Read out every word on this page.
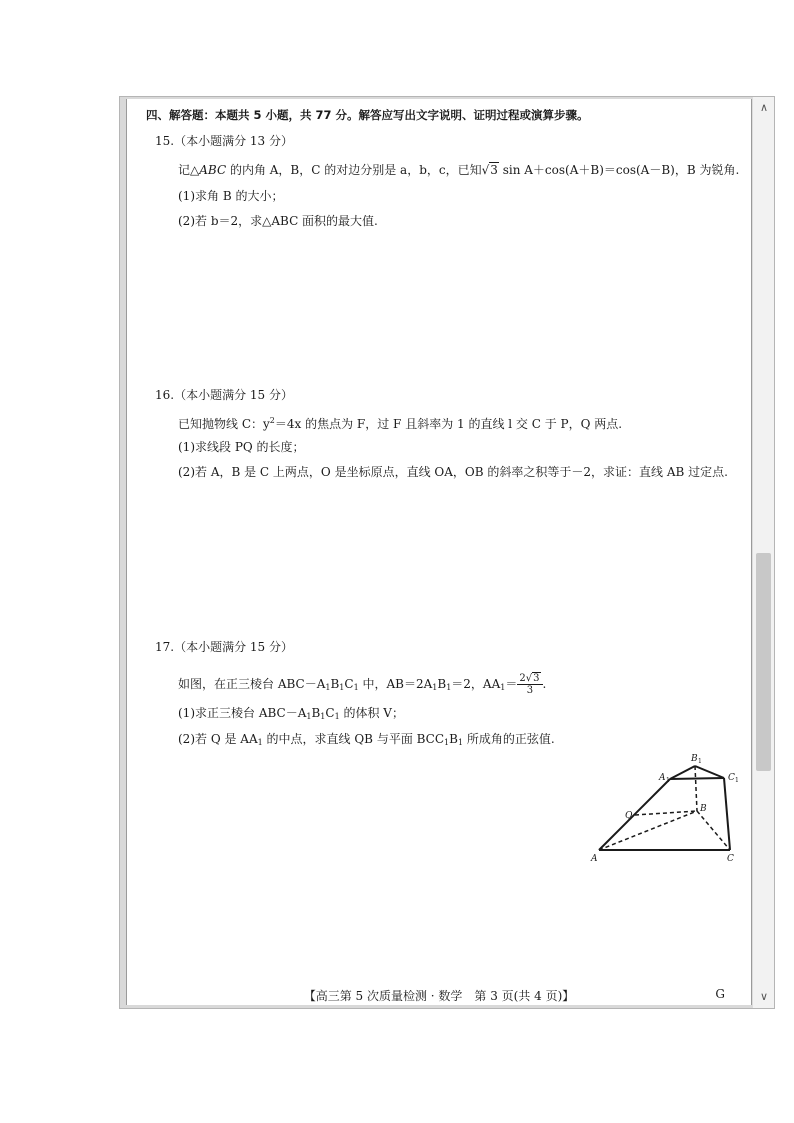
四、解答题：本题共 5 小题，共 77 分。解答应写出文字说明、证明过程或演算步骤。
15.（本小题满分 13 分）
记△ABC 的内角 A，B，C 的对边分别是 a，b，c，已知√3 sin A＋cos(A＋B)＝cos(A－B)，B 为锐角.
(1)求角 B 的大小；
(2)若 b＝2，求△ABC 面积的最大值.
16.（本小题满分 15 分）
已知抛物线 C：$y^2=4x$ 的焦点为 F，过 F 且斜率为 1 的直线 l 交 C 于 P，Q 两点.
(1)求线段 PQ 的长度；
(2)若 A，B 是 C 上两点，O 是坐标原点，直线 OA，OB 的斜率之积等于－2，求证：直线 AB 过定点.
17.（本小题满分 15 分）
如图，在正三棱台 $ABC-A_1B_1C_1$ 中，$AB=2A_1B_1=2$，$AA_1= \frac{2√3}{3}$ .
(1)求正三棱台 $ABC-A_1B_1C_1$ 的体积 V；
(2)若 Q 是 $AA_1$ 的中点，求直线 QB 与平面 $BCC_1B_1$ 所成角的正弦值.
A	C
B
Q
A 1
B 1
C 1
【高三第 5 次质量检测 · 数学　第 3 页(共 4 页)】	G
∧
∨
